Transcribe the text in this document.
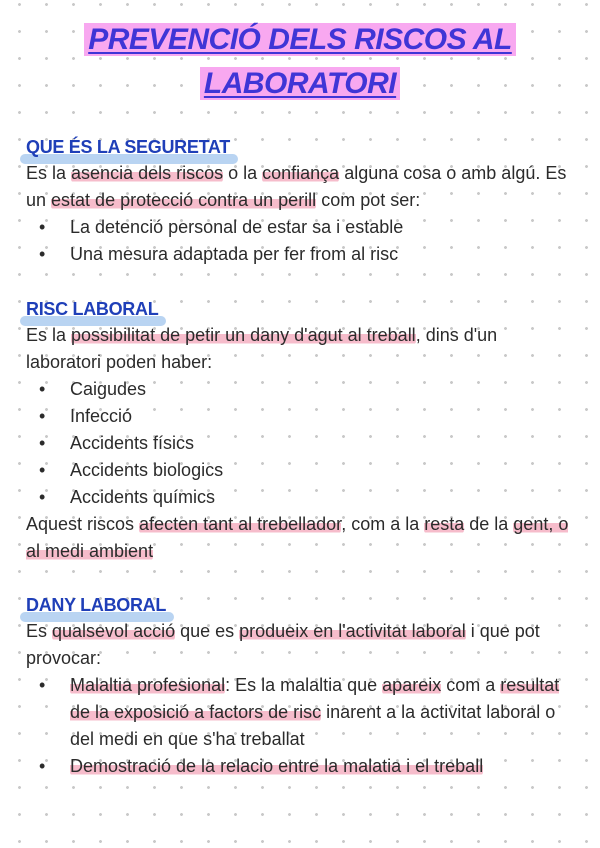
PREVENCIÓ DELS RISCOS AL
LABORATORI
QUE ÉS LA SEGURETAT

Es la asencia dels riscos o la confiança alguna cosa o amb algú. Es un estat de protecció contra un perill com pot ser:

• La detenció personal de estar sa i estable
• Una mesura adaptada per fer from al risc
RISC LABORAL

Es la possibilitat de petir un dany d'agut al treball, dins d'un laboratori poden haber:

• Caigudes
• Infecció
• Accidents físics
• Accidents biologics
• Accidents químics

Aquest riscos afecten tant al trebellador, com a la resta de la gent, o al medi ambient

DANY LABORAL

Es qualsevol acció que es produeix en l'activitat laboral i que pot provocar:

• Malaltia profesional: Es la malaltia que apareix com a resultat de la exposició a factors de risc inarent a la activitat laboral o del medi en que s'ha treballat
• Demostració de la relacio entre la malatia i el treball
